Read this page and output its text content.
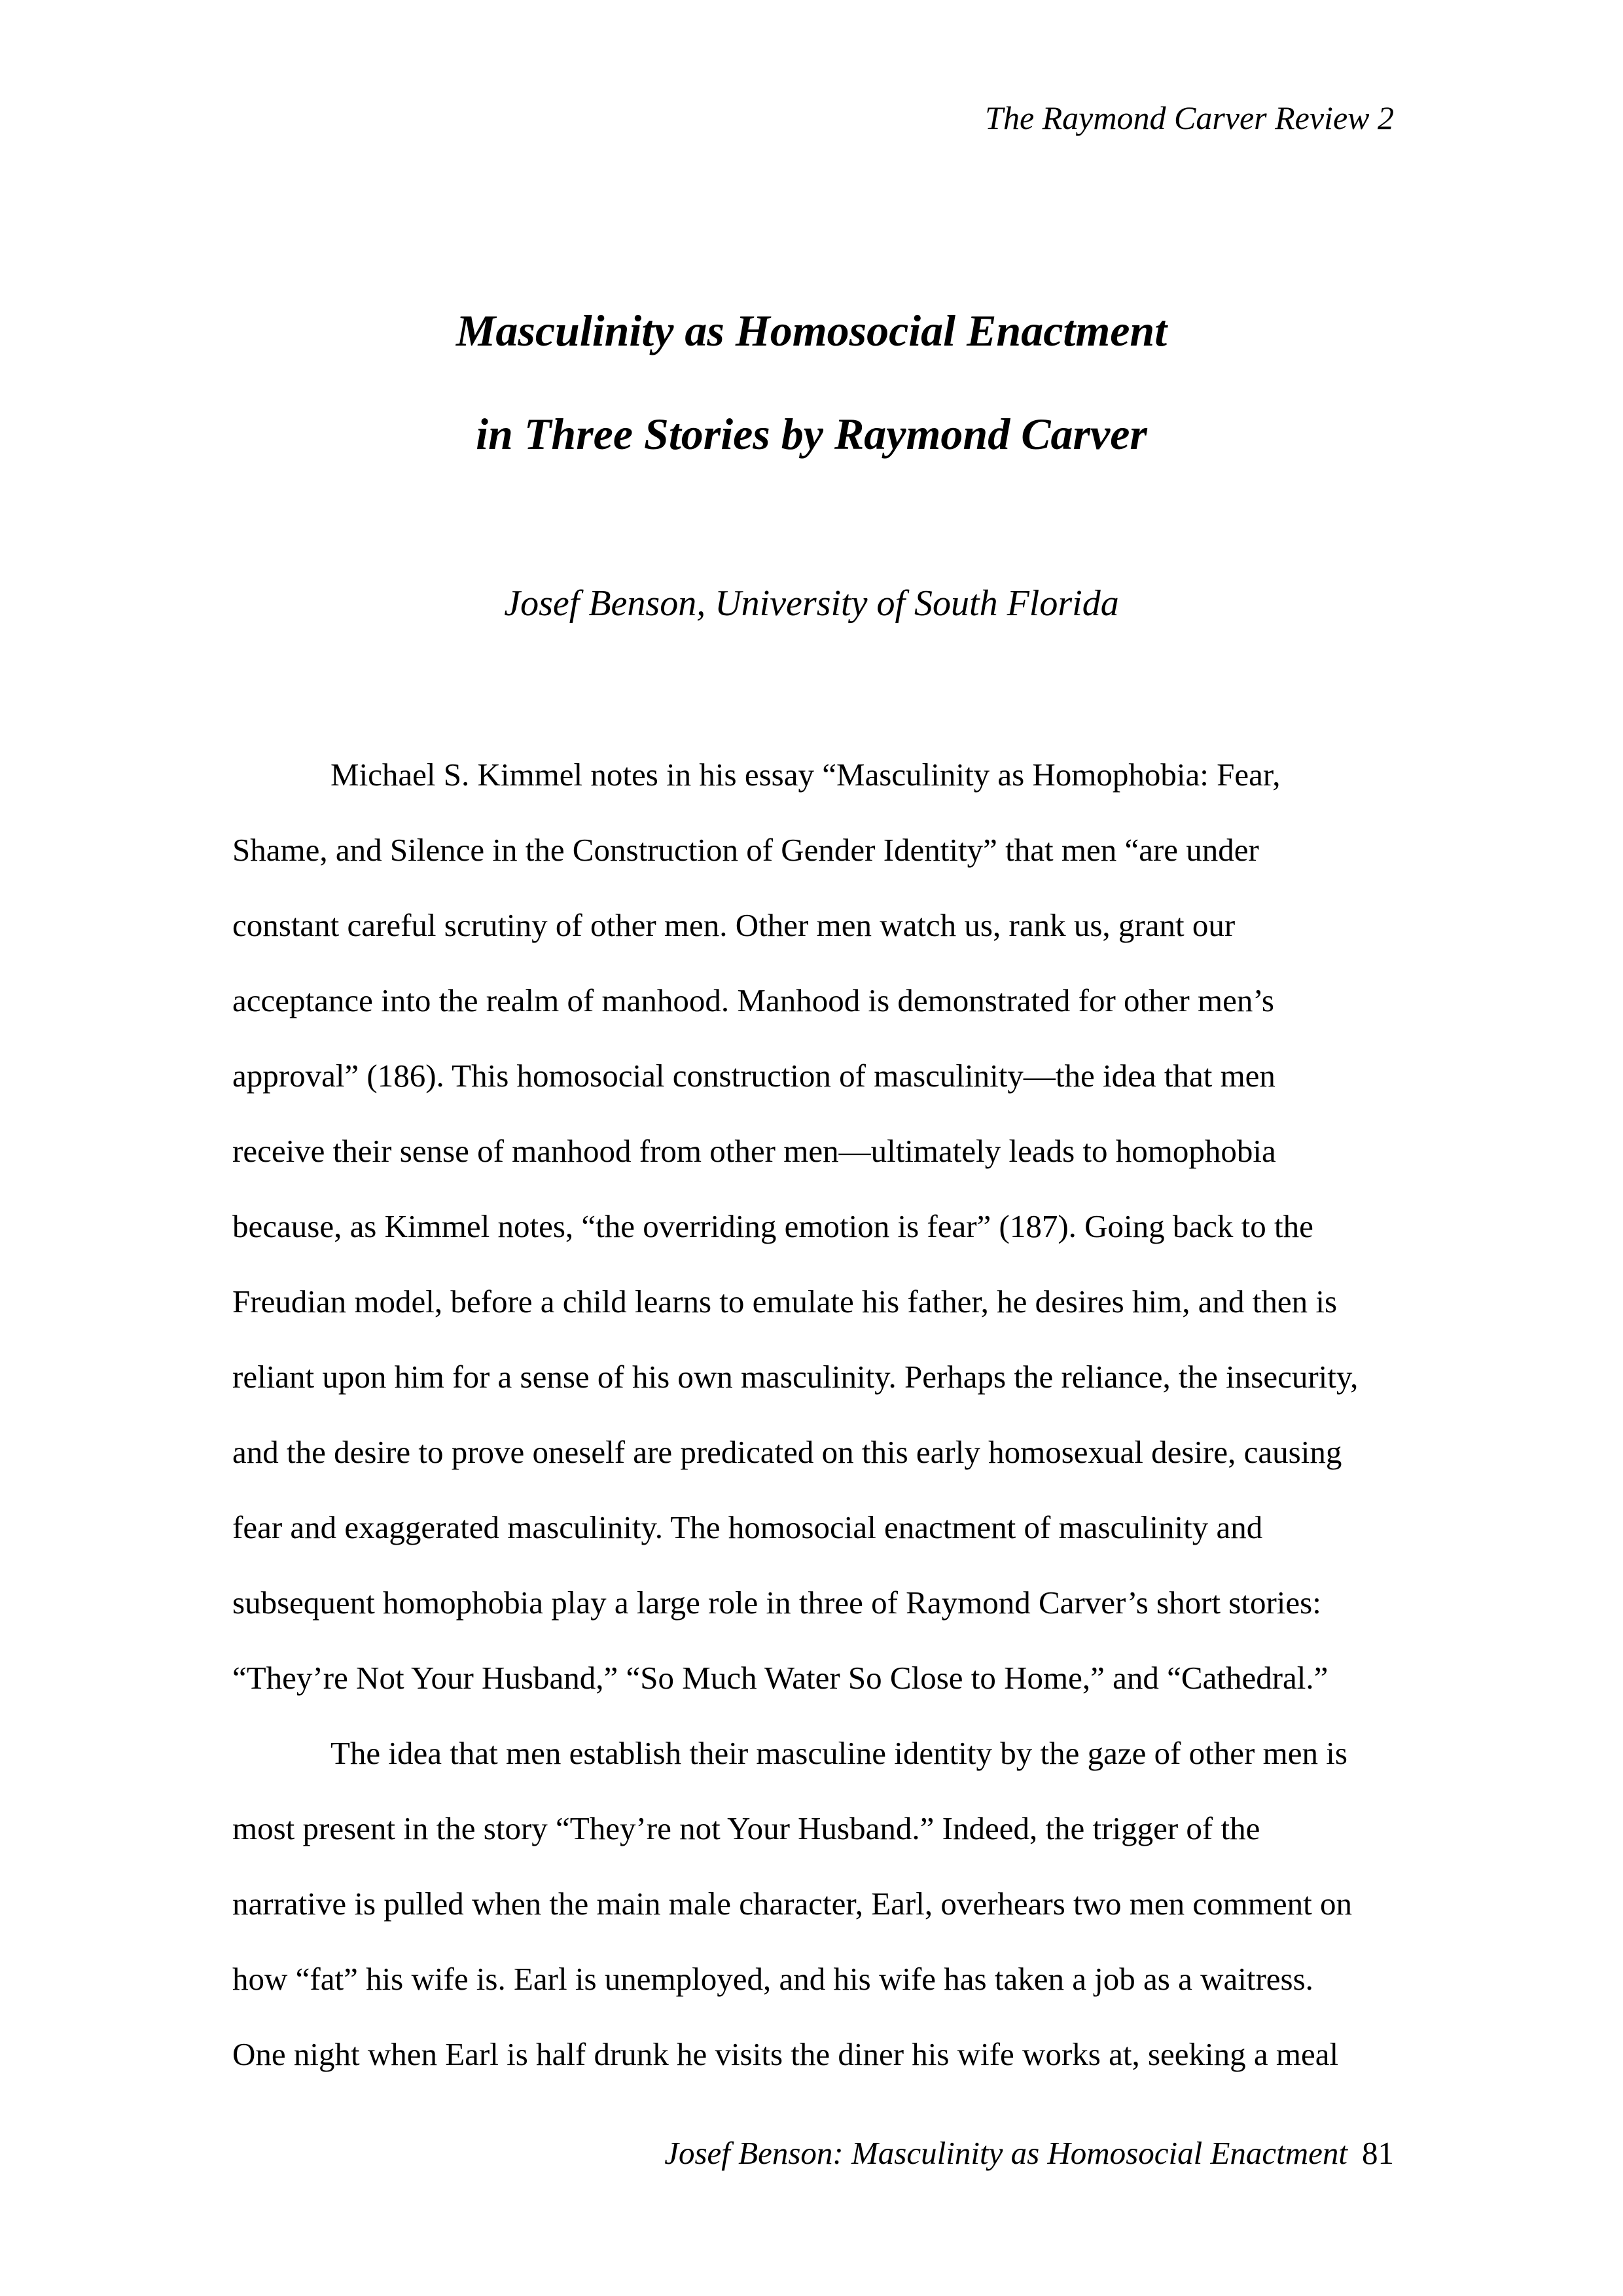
The Raymond Carver Review 2
Masculinity as Homosocial Enactment
in Three Stories by Raymond Carver
Josef Benson, University of South Florida
Michael S. Kimmel notes in his essay “Masculinity as Homophobia: Fear,
Shame, and Silence in the Construction of Gender Identity” that men “are under
constant careful scrutiny of other men. Other men watch us, rank us, grant our
acceptance into the realm of manhood. Manhood is demonstrated for other men’s
approval” (186). This homosocial construction of masculinity—the idea that men
receive their sense of manhood from other men—ultimately leads to homophobia
because, as Kimmel notes, “the overriding emotion is fear” (187). Going back to the
Freudian model, before a child learns to emulate his father, he desires him, and then is
reliant upon him for a sense of his own masculinity. Perhaps the reliance, the insecurity,
and the desire to prove oneself are predicated on this early homosexual desire, causing
fear and exaggerated masculinity. The homosocial enactment of masculinity and
subsequent homophobia play a large role in three of Raymond Carver’s short stories:
“They’re Not Your Husband,” “So Much Water So Close to Home,” and “Cathedral.”
The idea that men establish their masculine identity by the gaze of other men is
most present in the story “They’re not Your Husband.” Indeed, the trigger of the
narrative is pulled when the main male character, Earl, overhears two men comment on
how “fat” his wife is. Earl is unemployed, and his wife has taken a job as a waitress.
One night when Earl is half drunk he visits the diner his wife works at, seeking a meal
Josef Benson: Masculinity as Homosocial Enactment 81
